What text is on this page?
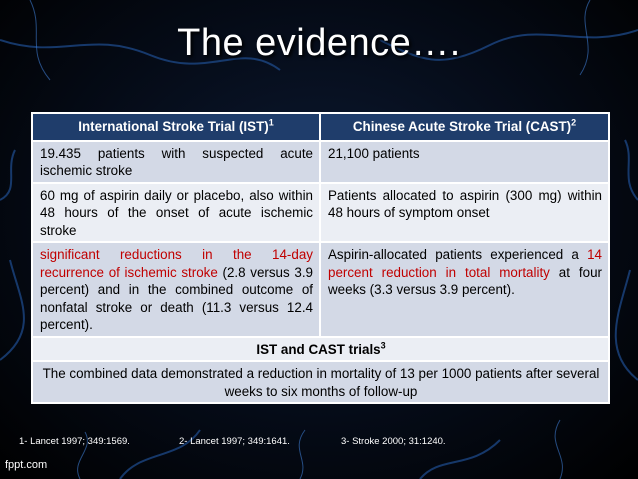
The evidence….
International Stroke Trial (IST)$^1$	Chinese Acute Stroke Trial (CAST)$^2$
19.435 patients with suspected acute ischemic stroke	21,100 patients
60 mg of aspirin daily or placebo, also within 48 hours of the onset of acute ischemic stroke	Patients allocated to aspirin (300 mg) within 48 hours of symptom onset
significant reductions in the 14-day recurrence of ischemic stroke (2.8 versus 3.9 percent) and in the combined outcome of nonfatal stroke or death (11.3 versus 12.4 percent).	Aspirin-allocated patients experienced a 14 percent reduction in total mortality at four weeks (3.3 versus 3.9 percent).
IST and CAST trials$^3$
The combined data demonstrated a reduction in mortality of 13 per 1000 patients after several weeks to six months of follow-up	
1- Lancet 1997; 349:1569.	2- Lancet 1997; 349:1641.	3- Stroke 2000; 31:1240.
fppt.com
